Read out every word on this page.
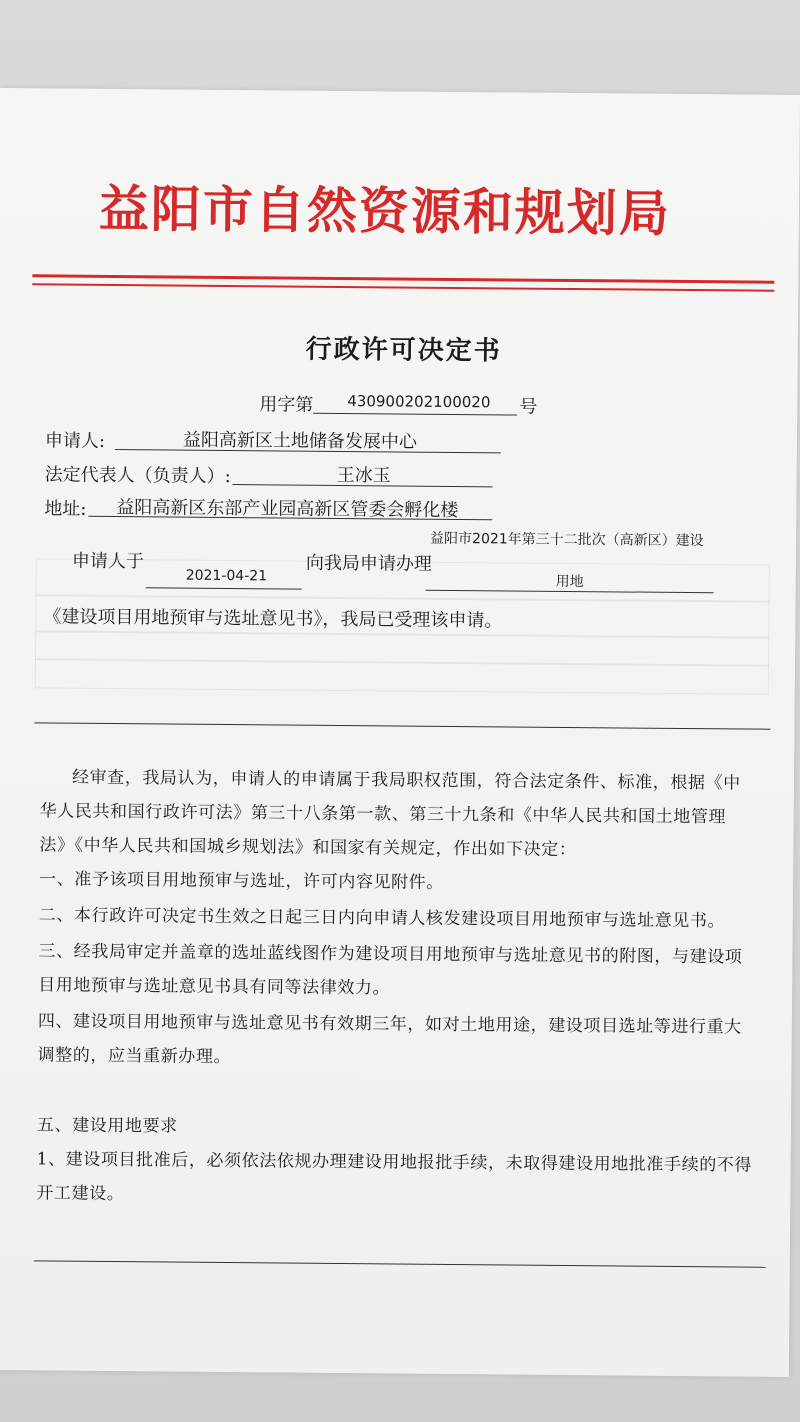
益阳市自然资源和规划局
行政许可决定书
用字第 430900202100020 号
申请人:	益阳高新区土地储备发展中心
法定代表人（负责人）:	王冰玉
地址: 益阳高新区东部产业园高新区管委会孵化楼
申请人于
2021-04-21
向我局申请办理
益阳市2021年第三十二批次（高新区）建设
用地
《建设项目用地预审与选址意见书》，我局已受理该申请。
经审查，我局认为，申请人的申请属于我局职权范围，符合法定条件、标准，根据《中
华人民共和国行政许可法》第三十八条第一款、第三十九条和《中华人民共和国土地管理
法》《中华人民共和国城乡规划法》和国家有关规定，作出如下决定：
一、准予该项目用地预审与选址，许可内容见附件。
二、本行政许可决定书生效之日起三日内向申请人核发建设项目用地预审与选址意见书。
三、经我局审定并盖章的选址蓝线图作为建设项目用地预审与选址意见书的附图，与建设项
目用地预审与选址意见书具有同等法律效力。
四、建设项目用地预审与选址意见书有效期三年，如对土地用途，建设项目选址等进行重大
调整的，应当重新办理。
五、建设用地要求
1、建设项目批准后，必须依法依规办理建设用地报批手续，未取得建设用地批准手续的不得
开工建设。
